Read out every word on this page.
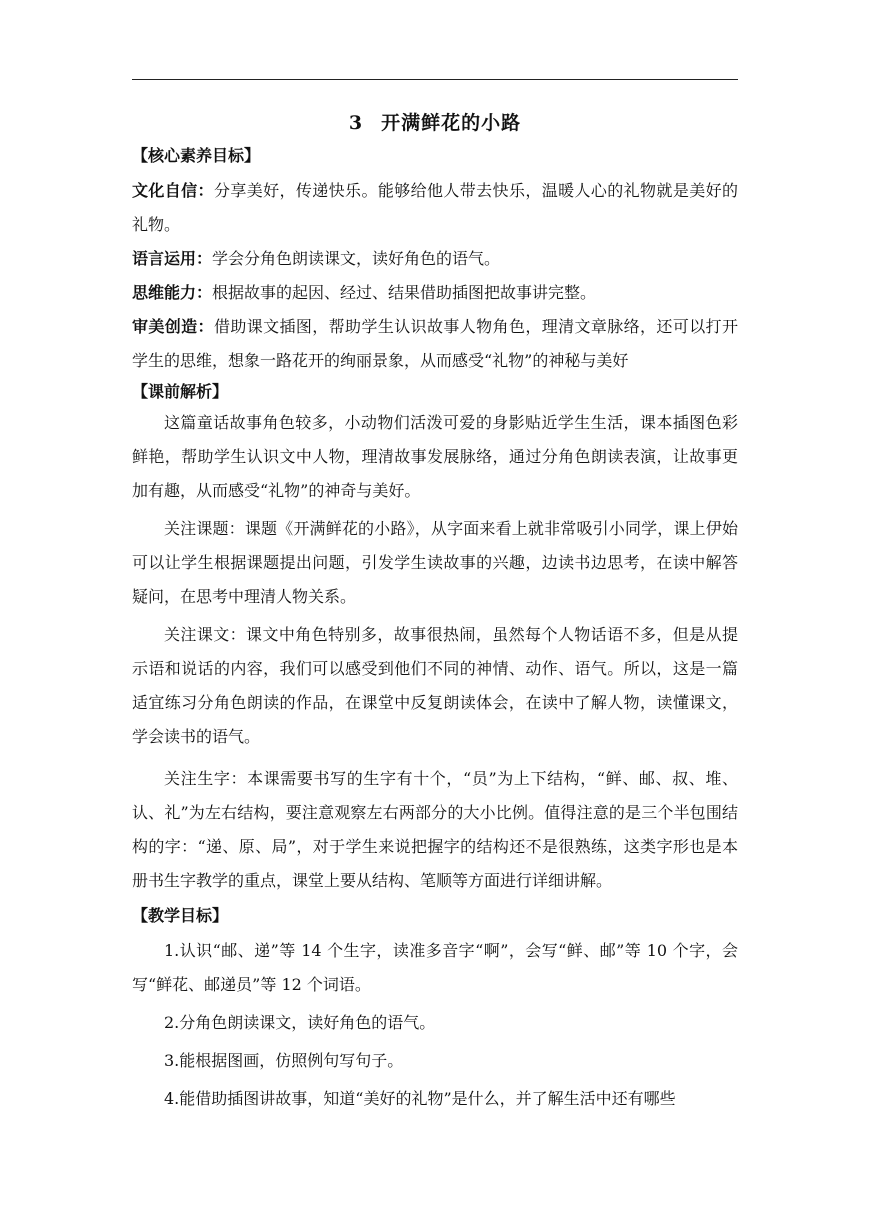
3 开满鲜花的小路
【核心素养目标】

文化自信：分享美好，传递快乐。能够给他人带去快乐，温暖人心的礼物就是美好的礼物。

语言运用：学会分角色朗读课文，读好角色的语气。

思维能力：根据故事的起因、经过、结果借助插图把故事讲完整。

审美创造：借助课文插图，帮助学生认识故事人物角色，理清文章脉络，还可以打开学生的思维，想象一路花开的绚丽景象，从而感受“礼物”的神秘与美好

【课前解析】

这篇童话故事角色较多，小动物们活泼可爱的身影贴近学生生活，课本插图色彩鲜艳，帮助学生认识文中人物，理清故事发展脉络，通过分角色朗读表演，让故事更加有趣，从而感受“礼物”的神奇与美好。

关注课题：课题《开满鲜花的小路》，从字面来看上就非常吸引小同学，课上伊始可以让学生根据课题提出问题，引发学生读故事的兴趣，边读书边思考，在读中解答疑问，在思考中理清人物关系。

关注课文：课文中角色特别多，故事很热闹，虽然每个人物话语不多，但是从提示语和说话的内容，我们可以感受到他们不同的神情、动作、语气。所以，这是一篇适宜练习分角色朗读的作品，在课堂中反复朗读体会，在读中了解人物，读懂课文，学会读书的语气。

关注生字：本课需要书写的生字有十个，“员”为上下结构，“鲜、邮、叔、堆、认、礼”为左右结构，要注意观察左右两部分的大小比例。值得注意的是三个半包围结构的字：“递、原、局”，对于学生来说把握字的结构还不是很熟练，这类字形也是本册书生字教学的重点，课堂上要从结构、笔顺等方面进行详细讲解。

【教学目标】

1.认识“邮、递”等 14 个生字，读准多音字“啊”，会写“鲜、邮”等 10 个字，会写“鲜花、邮递员”等 12 个词语。

2.分角色朗读课文，读好角色的语气。

3.能根据图画，仿照例句写句子。

4.能借助插图讲故事，知道“美好的礼物”是什么，并了解生活中还有哪些
